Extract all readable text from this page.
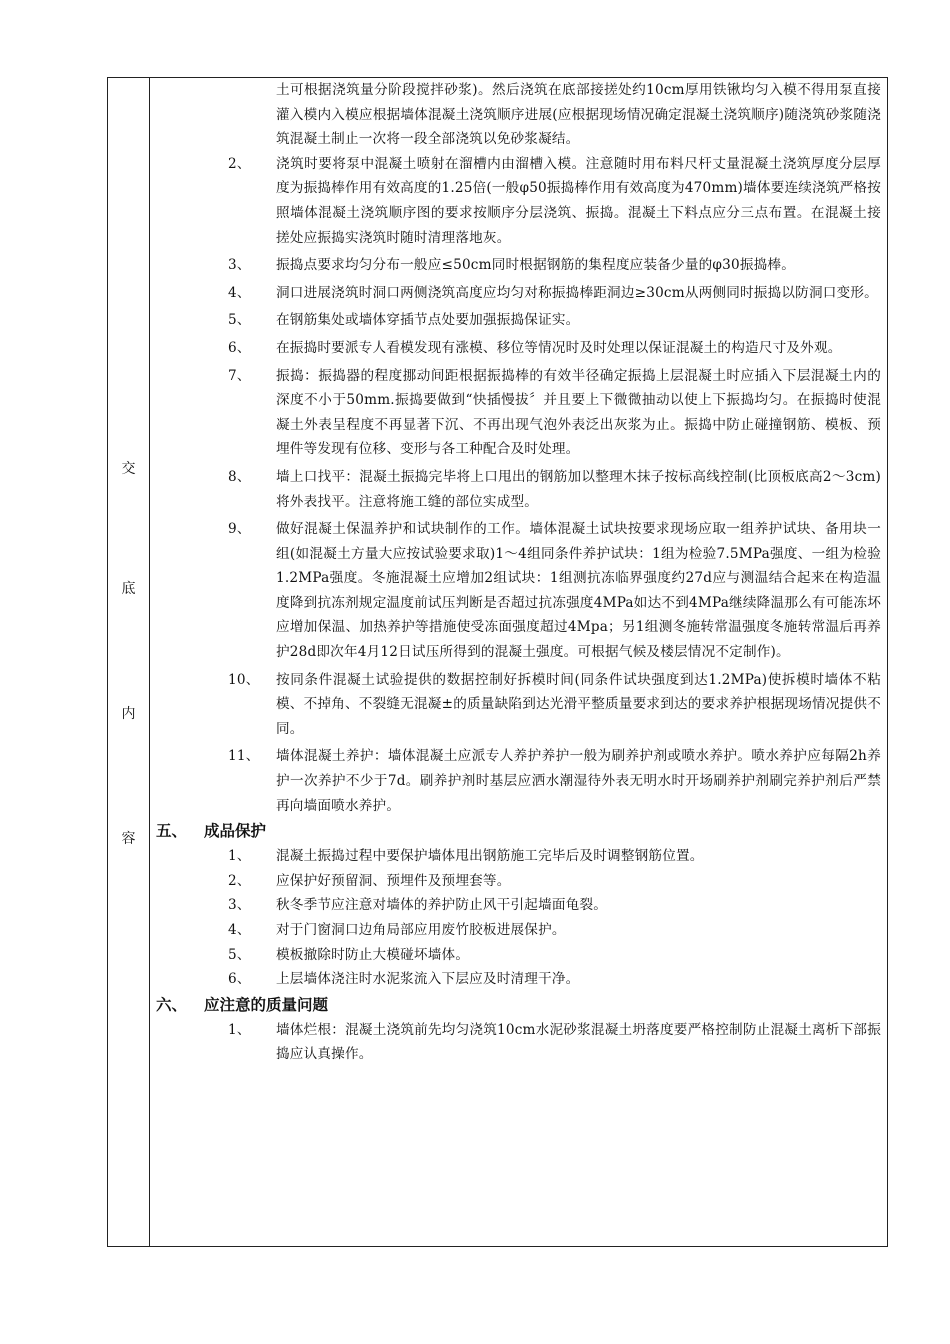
交
底
内
容
土可根据浇筑量分阶段搅拌砂浆)。然后浇筑在底部接搓处约10cm厚用铁锹均匀入模不得用泵直接灌入模内入模应根据墙体混凝土浇筑顺序进展(应根据现场情况确定混凝土浇筑顺序)随浇筑砂浆随浇筑混凝土制止一次将一段全部浇筑以免砂浆凝结。
2、	浇筑时要将泵中混凝土喷射在溜槽内由溜槽入模。注意随时用布料尺杆丈量混凝土浇筑厚度分层厚度为振捣棒作用有效高度的1.25倍(一般φ50振捣棒作用有效高度为470mm)墙体要连续浇筑严格按照墙体混凝土浇筑顺序图的要求按顺序分层浇筑、振捣。混凝土下料点应分三点布置。在混凝土接搓处应振捣实浇筑时随时清理落地灰。
3、	振捣点要求均匀分布一般应≤50cm同时根据钢筋的集程度应装备少量的φ30振捣棒。
4、	洞口进展浇筑时洞口两侧浇筑高度应均匀对称振捣棒距洞边≥30cm从两侧同时振捣以防洞口变形。
5、	在钢筋集处或墙体穿插节点处要加强振捣保证实。
6、	在振捣时要派专人看模发现有涨模、移位等情况时及时处理以保证混凝土的构造尺寸及外观。
7、	振捣：振捣器的程度挪动间距根据振捣棒的有效半径确定振捣上层混凝土时应插入下层混凝土内的深度不小于50mm.振捣要做到“快插慢拔〞并且要上下微微抽动以使上下振捣均匀。在振捣时使混凝土外表呈程度不再显著下沉、不再出现气泡外表泛出灰浆为止。振捣中防止碰撞钢筋、模板、预埋件等发现有位移、变形与各工种配合及时处理。
8、	墙上口找平：混凝土振捣完毕将上口甩出的钢筋加以整理木抹子按标高线控制(比顶板底高2～3cm)将外表找平。注意将施工缝的部位实成型。
9、	做好混凝土保温养护和试块制作的工作。墙体混凝土试块按要求现场应取一组养护试块、备用块一组(如混凝土方量大应按试验要求取)1～4组同条件养护试块：1组为检验7.5MPa强度、一组为检验1.2MPa强度。冬施混凝土应增加2组试块：1组测抗冻临界强度约27d应与测温结合起来在构造温度降到抗冻剂规定温度前试压判断是否超过抗冻强度4MPa如达不到4MPa继续降温那么有可能冻坏应增加保温、加热养护等措施使受冻面强度超过4Mpa；另1组测冬施转常温强度冬施转常温后再养护28d即次年4月12日试压所得到的混凝土强度。可根据气候及楼层情况不定制作)。
10、	按同条件混凝土试验提供的数据控制好拆模时间(同条件试块强度到达1.2MPa)使拆模时墙体不粘模、不掉角、不裂缝无混凝±的质量缺陷到达光滑平整质量要求到达的要求养护根据现场情况提供不同。
11、	墙体混凝土养护：墙体混凝土应派专人养护养护一般为刷养护剂或喷水养护。喷水养护应每隔2h养护一次养护不少于7d。刷养护剂时基层应洒水潮湿待外表无明水时开场刷养护剂刷完养护剂后严禁再向墙面喷水养护。
五、	成品保护
1、	混凝土振捣过程中要保护墙体甩出钢筋施工完毕后及时调整钢筋位置。
2、	应保护好预留洞、预埋件及预埋套等。
3、	秋冬季节应注意对墙体的养护防止风干引起墙面龟裂。
4、	对于门窗洞口边角局部应用废竹胶板进展保护。
5、	模板撤除时防止大模碰坏墙体。
6、	上层墙体浇注时水泥浆流入下层应及时清理干净。
六、	应注意的质量问题
1、	墙体烂根：混凝土浇筑前先均匀浇筑10cm水泥砂浆混凝土坍落度要严格控制防止混凝土离析下部振捣应认真操作。
